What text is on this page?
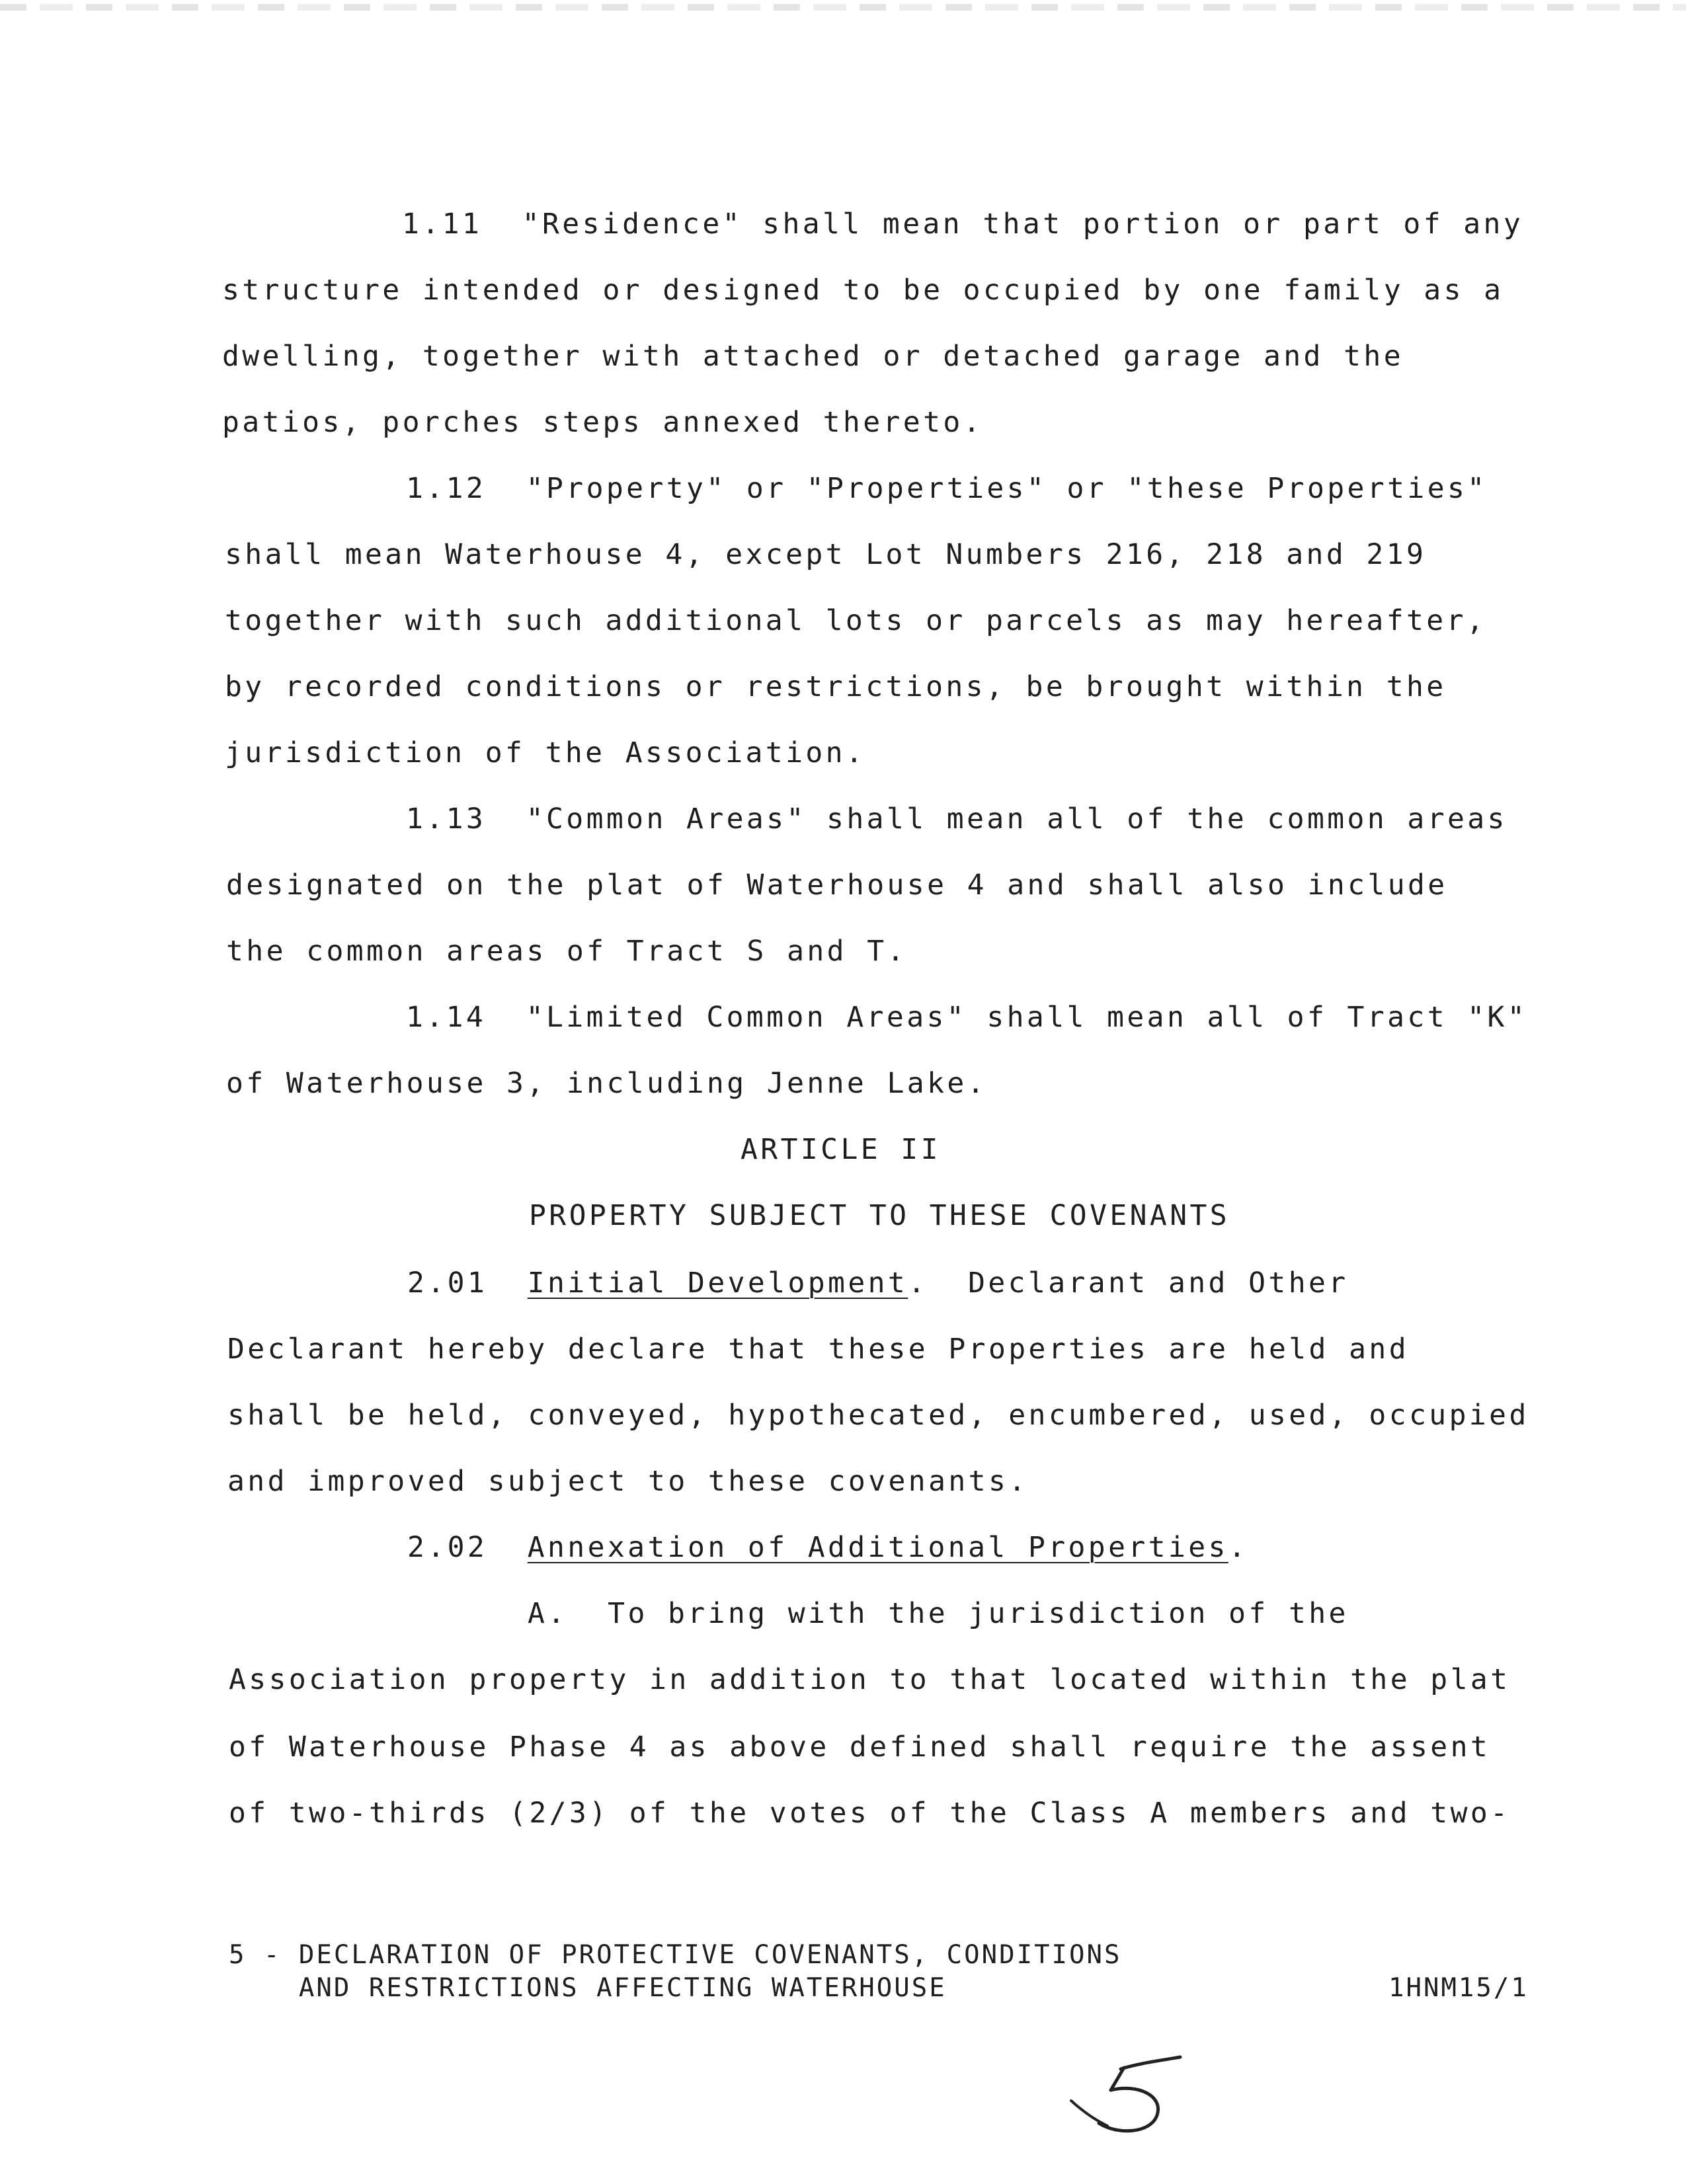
1.11  "Residence" shall mean that portion or part of any
structure intended or designed to be occupied by one family as a
dwelling, together with attached or detached garage and the
patios, porches steps annexed thereto.
1.12  "Property" or "Properties" or "these Properties"
shall mean Waterhouse 4, except Lot Numbers 216, 218 and 219
together with such additional lots or parcels as may hereafter,
by recorded conditions or restrictions, be brought within the
jurisdiction of the Association.
1.13  "Common Areas" shall mean all of the common areas
designated on the plat of Waterhouse 4 and shall also include
the common areas of Tract S and T.
1.14  "Limited Common Areas" shall mean all of Tract "K"
of Waterhouse 3, including Jenne Lake.
ARTICLE II
PROPERTY SUBJECT TO THESE COVENANTS
2.01 Initial Development.  Declarant and Other
Declarant hereby declare that these Properties are held and
shall be held, conveyed, hypothecated, encumbered, used, occupied
and improved subject to these covenants.
2.02 Annexation of Additional Properties.
A.  To bring with the jurisdiction of the
Association property in addition to that located within the plat
of Waterhouse Phase 4 as above defined shall require the assent
of two-thirds (2/3) of the votes of the Class A members and two-
5 - DECLARATION OF PROTECTIVE COVENANTS, CONDITIONS
AND RESTRICTIONS AFFECTING WATERHOUSE	1HNM15/1
